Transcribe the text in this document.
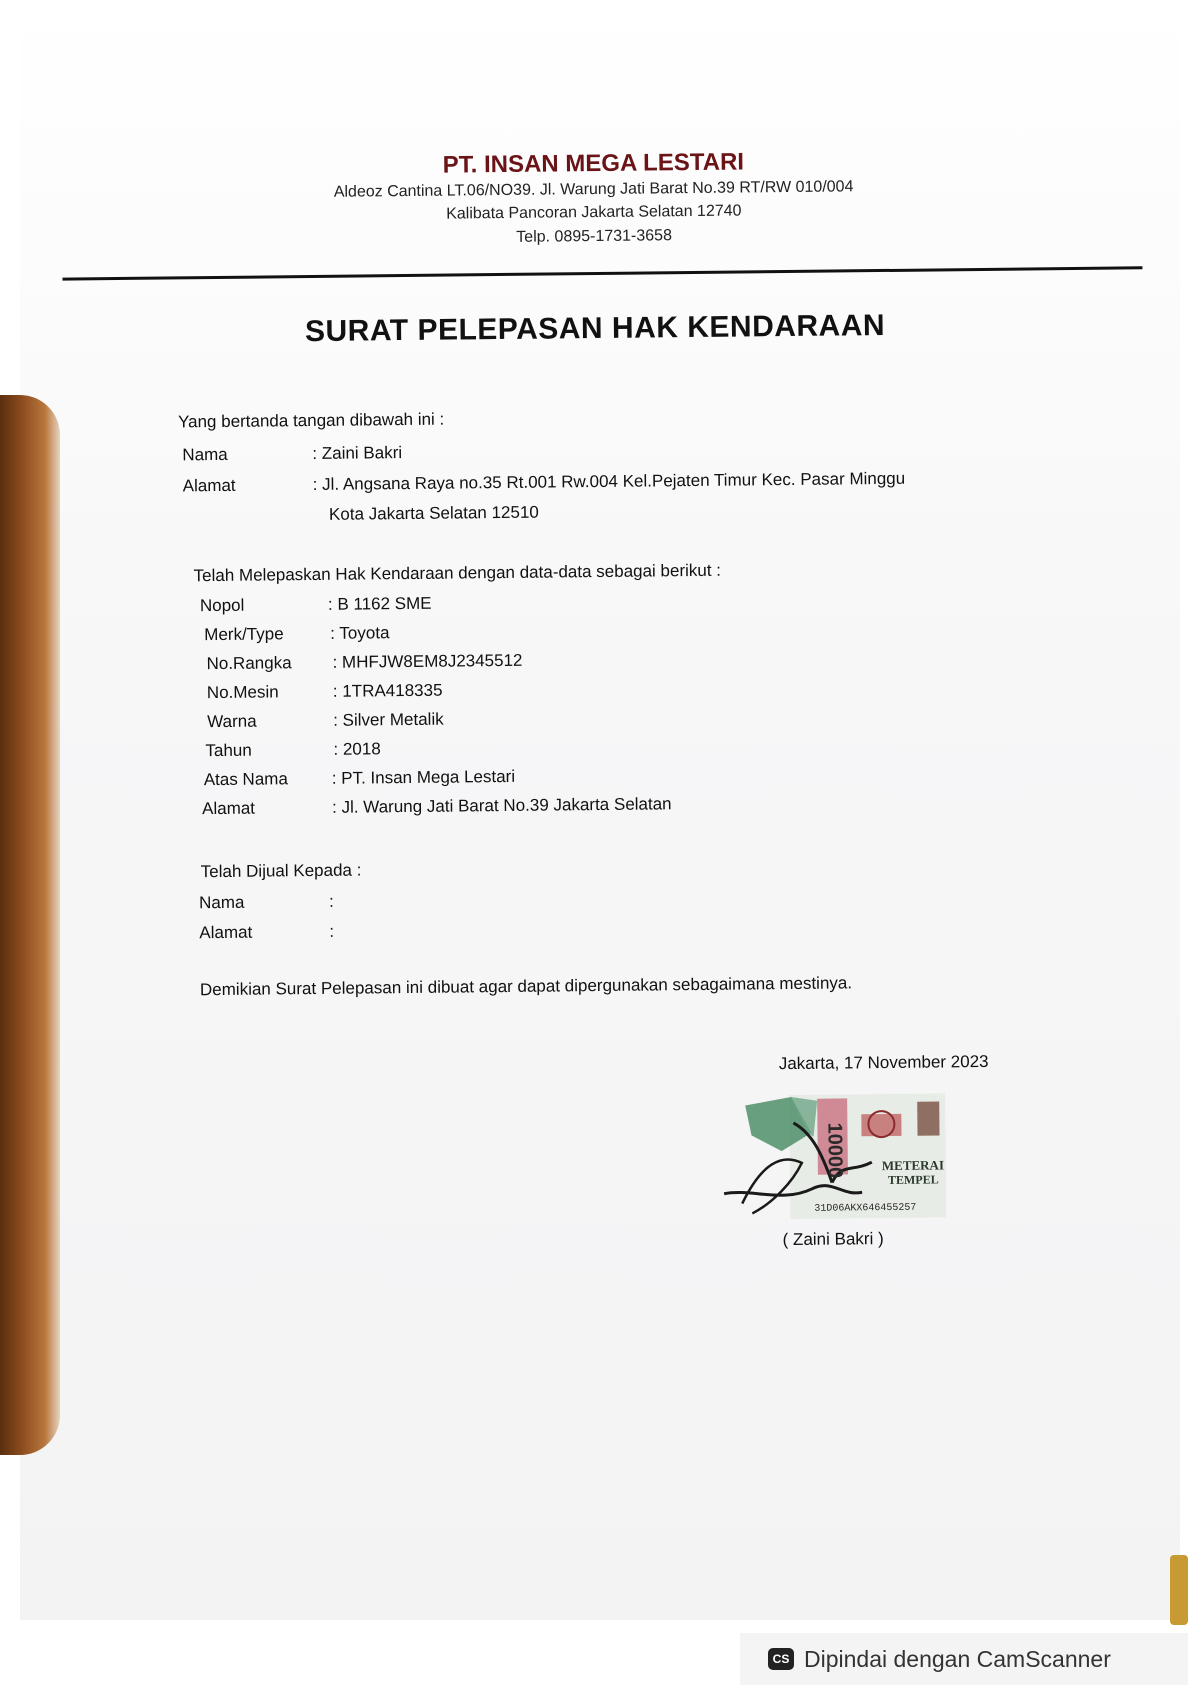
PT. INSAN MEGA LESTARI
Aldeoz Cantina LT.06/NO39. Jl. Warung Jati Barat No.39 RT/RW 010/004
Kalibata Pancoran Jakarta Selatan 12740
Telp. 0895-1731-3658
SURAT PELEPASAN HAK KENDARAAN
Yang bertanda tangan dibawah ini :
Nama	: Zaini Bakri
Alamat	: Jl. Angsana Raya no.35 Rt.001 Rw.004 Kel.Pejaten Timur Kec. Pasar Minggu
Kota Jakarta Selatan 12510
Telah Melepaskan Hak Kendaraan dengan data-data sebagai berikut :
Nopol	: B 1162 SME
Merk/Type	: Toyota
No.Rangka : MHFJW8EM8J2345512
No.Mesin	: 1TRA418335
Warna	: Silver Metalik
Tahun	: 2018
Atas Nama	: PT. Insan Mega Lestari
Alamat	: Jl. Warung Jati Barat No.39 Jakarta Selatan
Telah Dijual Kepada :
Nama	:
Alamat	:
Demikian Surat Pelepasan ini dibuat agar dapat dipergunakan sebagaimana mestinya.
Jakarta, 17 November 2023
10000	METERAI
TEMPEL
31D06AKX646455257
( Zaini Bakri )
CS Dipindai dengan CamScanner
